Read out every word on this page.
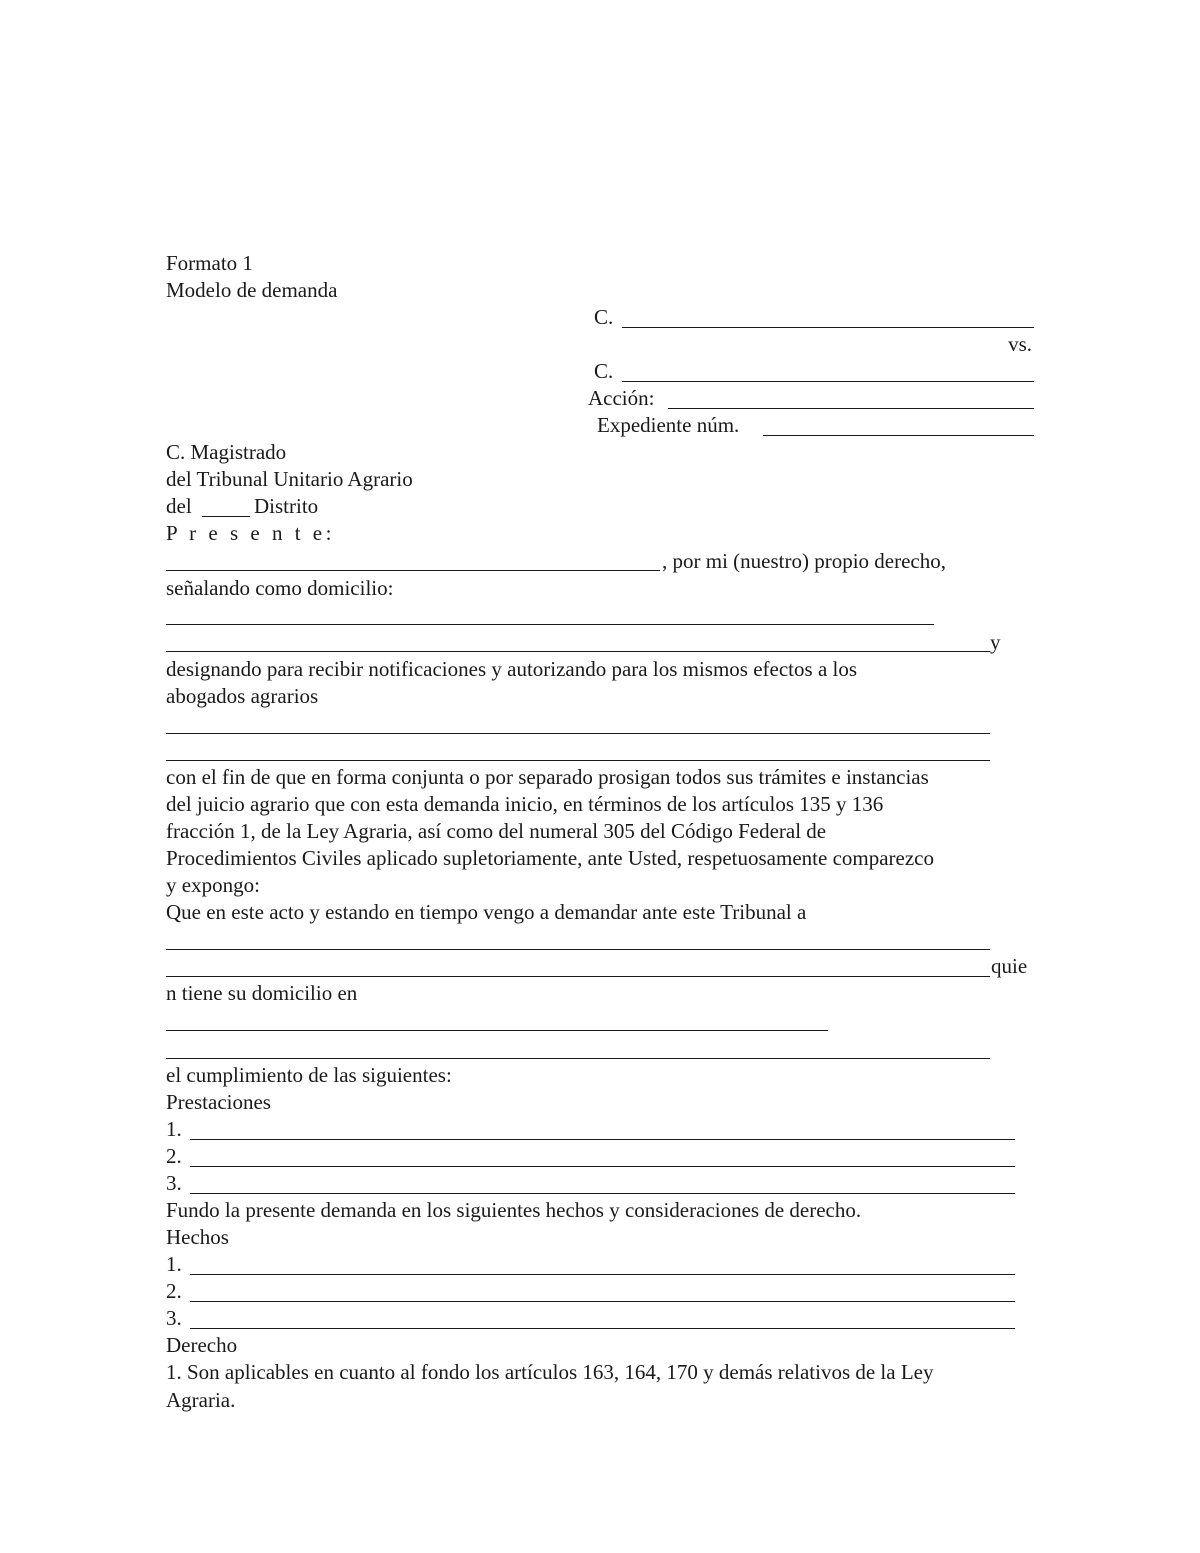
Formato 1
Modelo de demanda
C.
vs.
C.
Acción:
Expediente núm.
C. Magistrado
del Tribunal Unitario Agrario
del	Distrito
P r e s e n t e:
, por mi (nuestro) propio derecho,
señalando como domicilio:
y
designando para recibir notificaciones y autorizando para los mismos efectos a los
abogados agrarios
con el fin de que en forma conjunta o por separado prosigan todos sus trámites e instancias
del juicio agrario que con esta demanda inicio, en términos de los artículos 135 y 136
fracción 1, de la Ley Agraria, así como del numeral 305 del Código Federal de
Procedimientos Civiles aplicado supletoriamente, ante Usted, respetuosamente comparezco
y expongo:
Que en este acto y estando en tiempo vengo a demandar ante este Tribunal a
quie
n tiene su domicilio en
el cumplimiento de las siguientes:
Prestaciones
1.
2.
3.
Fundo la presente demanda en los siguientes hechos y consideraciones de derecho.
Hechos
1.
2.
3.
Derecho
1. Son aplicables en cuanto al fondo los artículos 163, 164, 170 y demás relativos de la Ley
Agraria.
